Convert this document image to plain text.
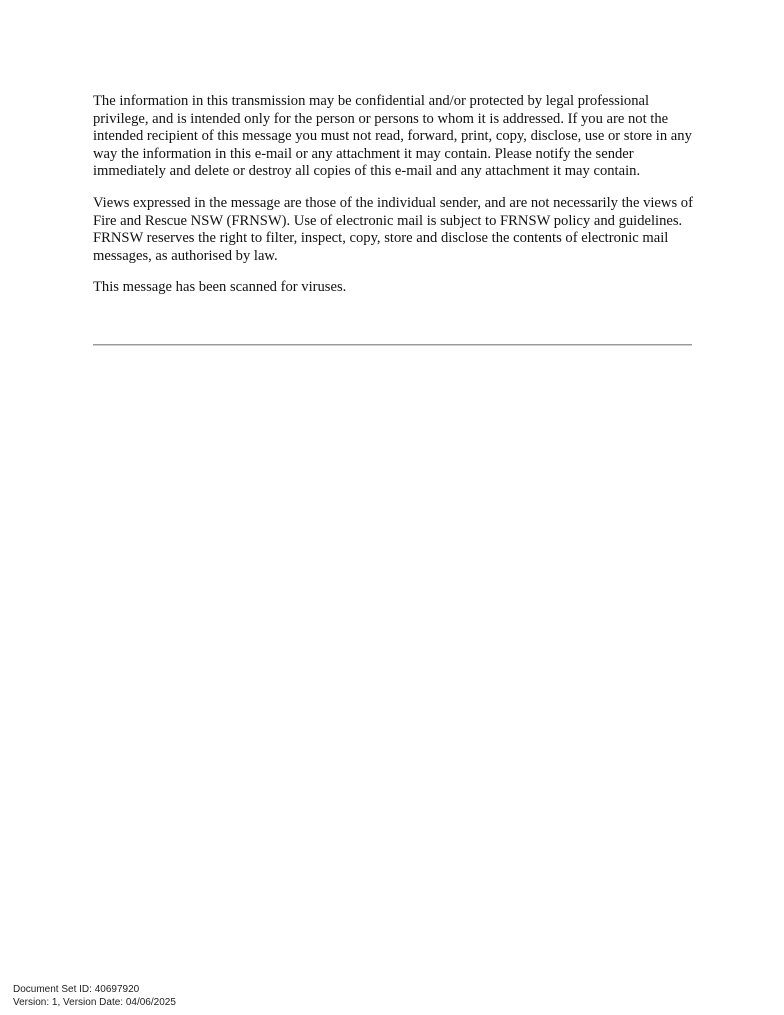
The information in this transmission may be confidential and/or protected by legal professional privilege, and is intended only for the person or persons to whom it is addressed. If you are not the intended recipient of this message you must not read, forward, print, copy, disclose, use or store in any way the information in this e-mail or any attachment it may contain. Please notify the sender immediately and delete or destroy all copies of this e-mail and any attachment it may contain.

Views expressed in the message are those of the individual sender, and are not necessarily the views of Fire and Rescue NSW (FRNSW). Use of electronic mail is subject to FRNSW policy and guidelines. FRNSW reserves the right to filter, inspect, copy, store and disclose the contents of electronic mail messages, as authorised by law.

This message has been scanned for viruses.

Document Set ID: 40697920
Version: 1, Version Date: 04/06/2025
